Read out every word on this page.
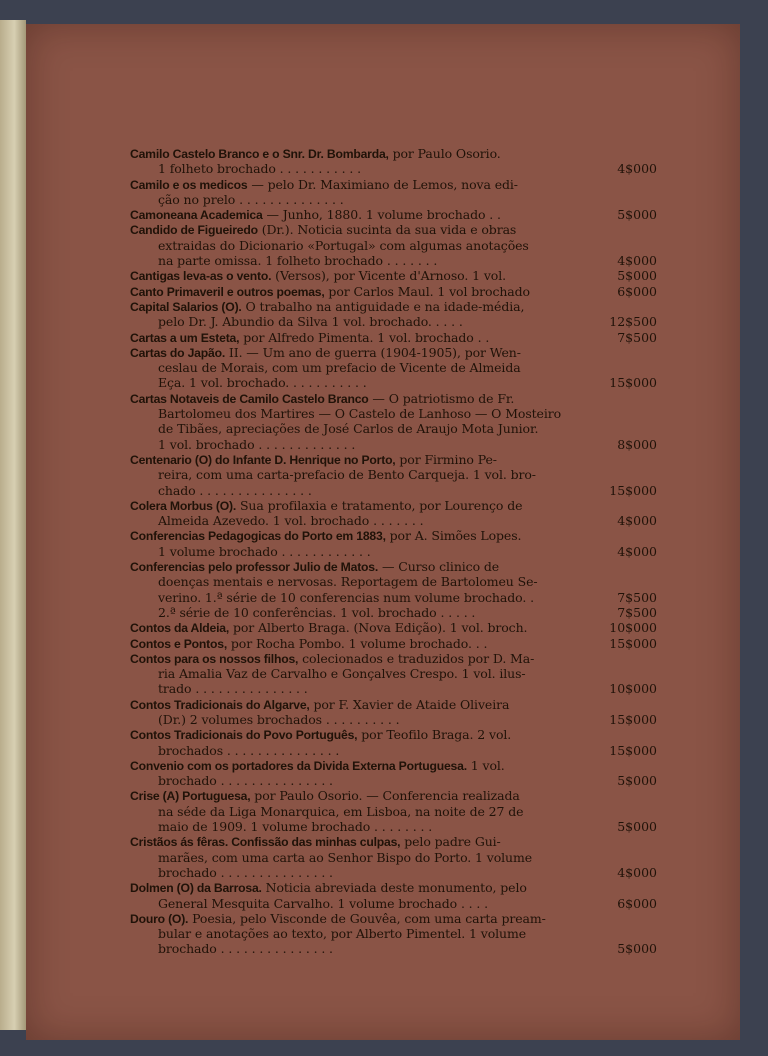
Camilo Castelo Branco e o Snr. Dr. Bombarda, por Paulo Osorio.
1 folheto brochado . . . . . . . . . . .	4$000
Camilo e os medicos — pelo Dr. Maximiano de Lemos, nova edi-
ção no prelo . . . . . . . . . . . . . .
Camoneana Academica — Junho, 1880. 1 volume brochado . .	5$000
Candido de Figueiredo (Dr.). Noticia sucinta da sua vida e obras
extraidas do Dicionario «Portugal» com algumas anotações
na parte omissa. 1 folheto brochado . . . . . . .	4$000
Cantigas leva-as o vento. (Versos), por Vicente d'Arnoso. 1 vol.	5$000
Canto Primaveril e outros poemas, por Carlos Maul. 1 vol brochado	6$000
Capital Salarios (O). O trabalho na antiguidade e na idade-média,
pelo Dr. J. Abundio da Silva 1 vol. brochado. . . . .	12$500
Cartas a um Esteta, por Alfredo Pimenta. 1 vol. brochado . .	7$500
Cartas do Japão. II. — Um ano de guerra (1904-1905), por Wen-
ceslau de Morais, com um prefacio de Vicente de Almeida
Eça. 1 vol. brochado. . . . . . . . . . .	15$000
Cartas Notaveis de Camilo Castelo Branco — O patriotismo de Fr.
Bartolomeu dos Martires — O Castelo de Lanhoso — O Mosteiro
de Tibães, apreciações de José Carlos de Araujo Mota Junior.
1 vol. brochado . . . . . . . . . . . . .	8$000
Centenario (O) do Infante D. Henrique no Porto, por Firmino Pe-
reira, com uma carta-prefacio de Bento Carqueja. 1 vol. bro-
chado . . . . . . . . . . . . . . .	15$000
Colera Morbus (O). Sua profilaxia e tratamento, por Lourenço de
Almeida Azevedo. 1 vol. brochado . . . . . . .	4$000
Conferencias Pedagogicas do Porto em 1883, por A. Simões Lopes.
1 volume brochado . . . . . . . . . . . .	4$000
Conferencias pelo professor Julio de Matos. — Curso clinico de
doenças mentais e nervosas. Reportagem de Bartolomeu Se-
verino. 1.ª série de 10 conferencias num volume brochado. .	7$500
2.ª série de 10 conferências. 1 vol. brochado . . . . .	7$500
Contos da Aldeia, por Alberto Braga. (Nova Edição). 1 vol. broch.	10$000
Contos e Pontos, por Rocha Pombo. 1 volume brochado. . .	15$000
Contos para os nossos filhos, colecionados e traduzidos por D. Ma-
ria Amalia Vaz de Carvalho e Gonçalves Crespo. 1 vol. ilus-
trado . . . . . . . . . . . . . . .	10$000
Contos Tradicionais do Algarve, por F. Xavier de Ataide Oliveira
(Dr.) 2 volumes brochados . . . . . . . . . .	15$000
Contos Tradicionais do Povo Português, por Teofilo Braga. 2 vol.
brochados . . . . . . . . . . . . . . .	15$000
Convenio com os portadores da Divida Externa Portuguesa. 1 vol.
brochado . . . . . . . . . . . . . . .	5$000
Crise (A) Portuguesa, por Paulo Osorio. — Conferencia realizada
na séde da Liga Monarquica, em Lisboa, na noite de 27 de
maio de 1909. 1 volume brochado . . . . . . . .	5$000
Cristãos ás fêras. Confissão das minhas culpas, pelo padre Gui-
marães, com uma carta ao Senhor Bispo do Porto. 1 volume
brochado . . . . . . . . . . . . . . .	4$000
Dolmen (O) da Barrosa. Noticia abreviada deste monumento, pelo
General Mesquita Carvalho. 1 volume brochado . . . .	6$000
Douro (O). Poesia, pelo Visconde de Gouvêa, com uma carta pream-
bular e anotações ao texto, por Alberto Pimentel. 1 volume
brochado . . . . . . . . . . . . . . .	5$000
